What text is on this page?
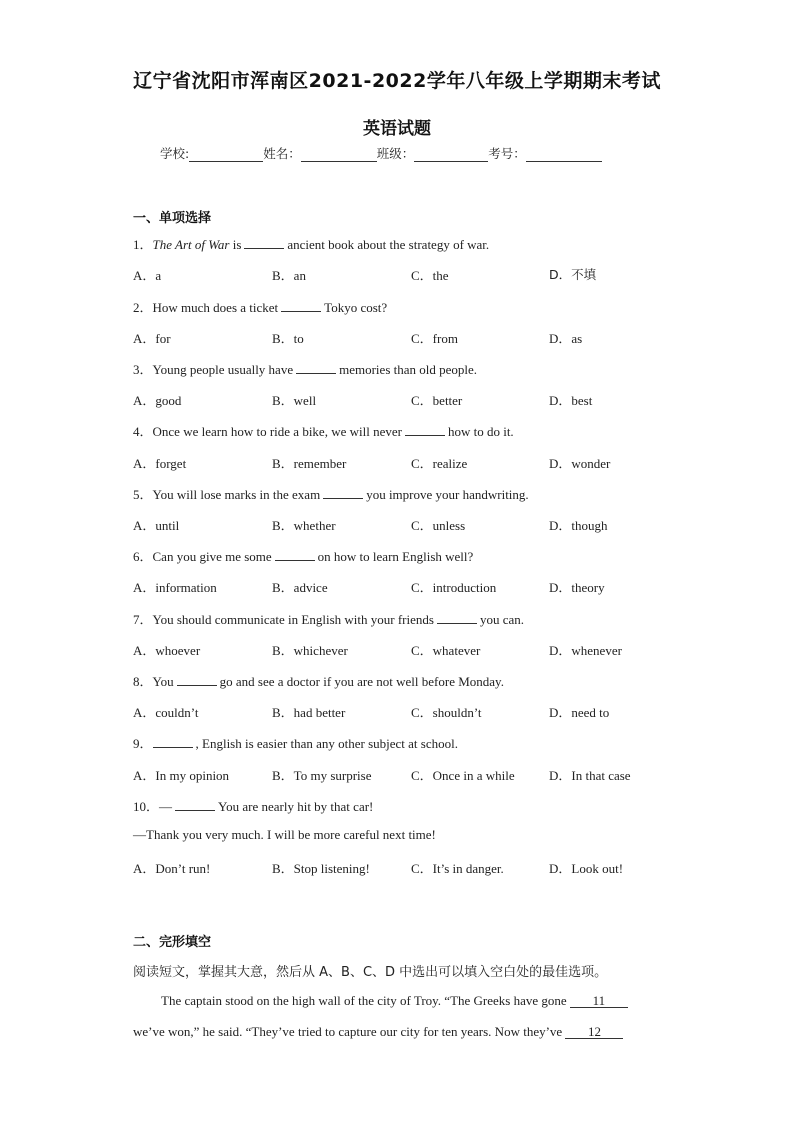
辽宁省沈阳市浑南区2021-2022学年八年级上学期期末考试
英语试题
学校:	姓名：	班级：	考号：
一、单项选择
1．The Art of War is	ancient book about the strategy of war.
A．a	B．an	C．the	D．不填
2．How much does a ticket	Tokyo cost?
A．for	B．to	C．from	D．as
3．Young people usually have	memories than old people.
A．good	B．well	C．better	D．best
4．Once we learn how to ride a bike, we will never	how to do it.
A．forget	B．remember	C．realize	D．wonder
5．You will lose marks in the exam	you improve your handwriting.
A．until	B．whether	C．unless	D．though
6．Can you give me some	on how to learn English well?
A．information	B．advice	C．introduction	D．theory
7．You should communicate in English with your friends	you can.
A．whoever	B．whichever	C．whatever	D．whenever
8．You	go and see a doctor if you are not well before Monday.
A．couldn’t	B．had better	C．shouldn’t	D．need to
9．	, English is easier than any other subject at school.
A．In my opinion	B．To my surprise	C．Once in a while	D．In that case
10．—	You are nearly hit by that car!
—Thank you very much. I will be more careful next time!
A．Don’t run!	B．Stop listening!	C．It’s in danger.	D．Look out!
二、完形填空
阅读短文，掌握其大意，然后从 A、B、C、D 中选出可以填入空白处的最佳选项。
The captain stood on the high wall of the city of Troy. “The Greeks have gone 11
we’ve won,” he said. “They’ve tried to capture our city for ten years. Now they’ve 12
